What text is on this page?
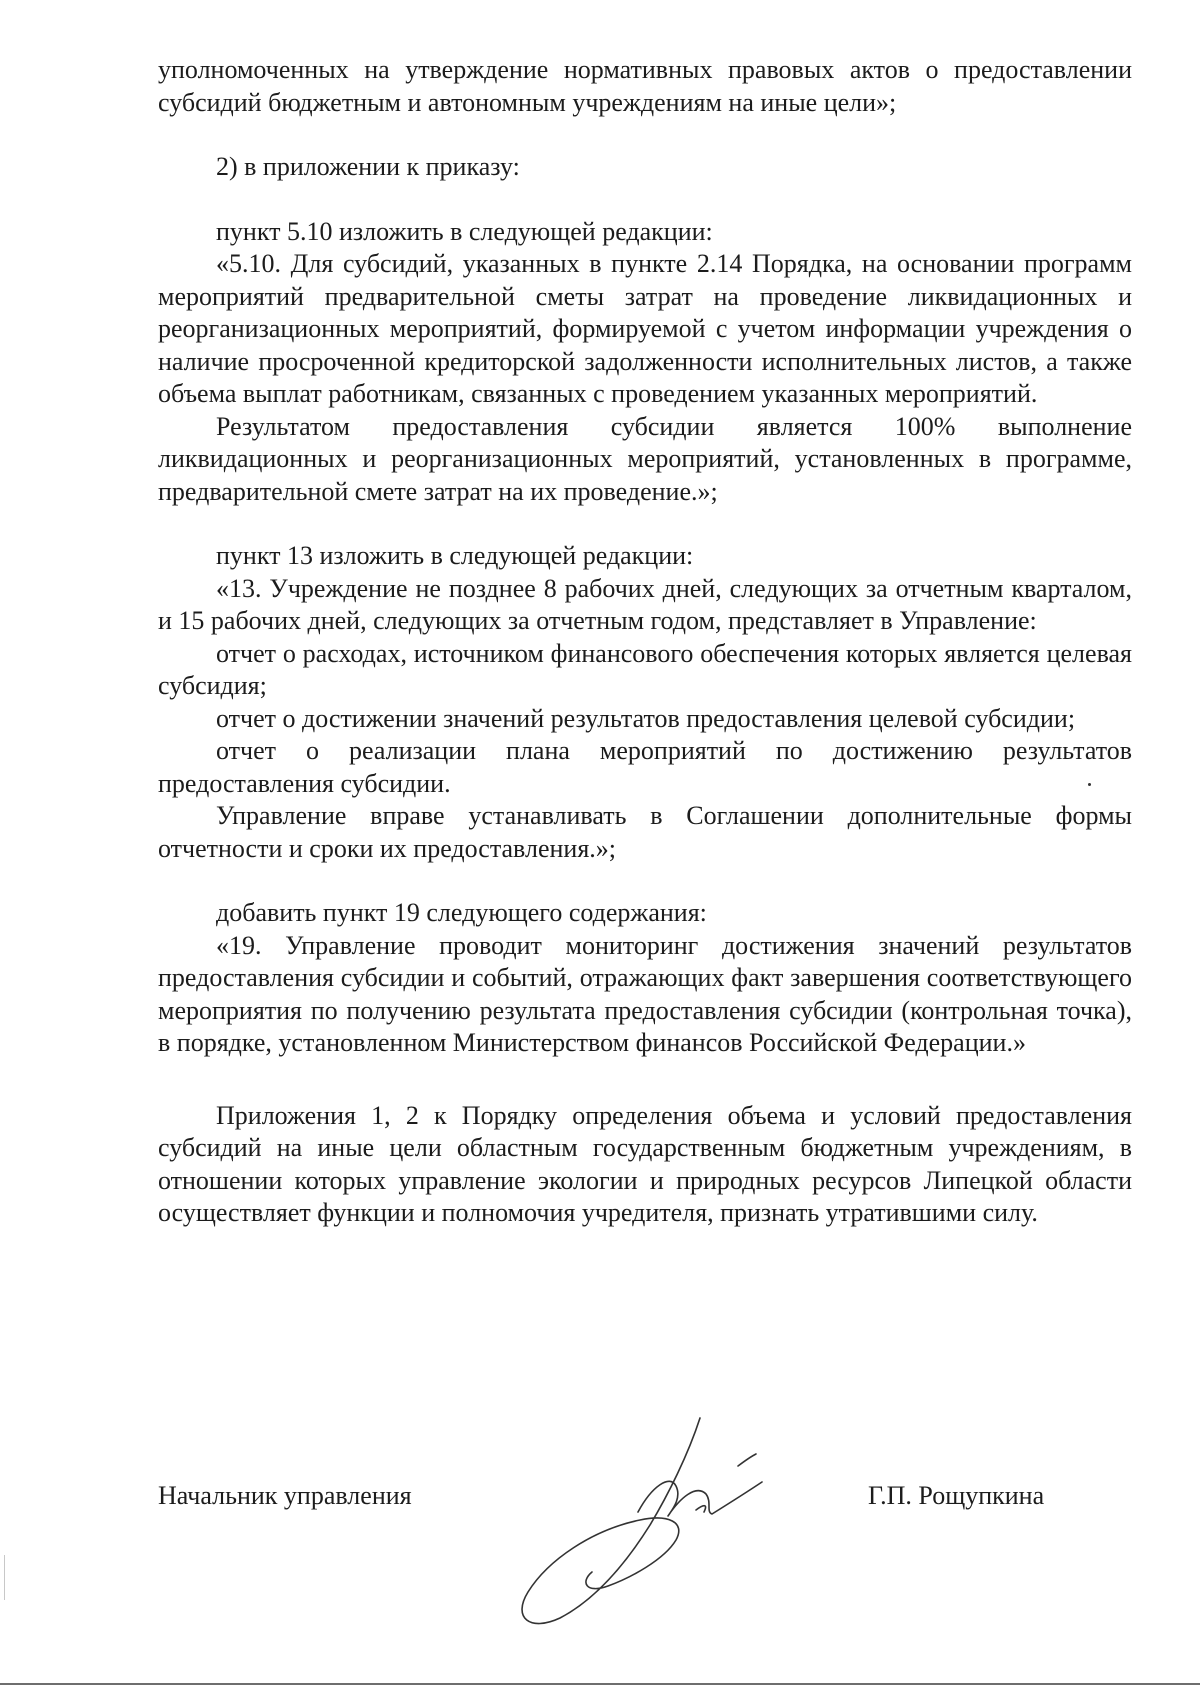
уполномоченных на утверждение нормативных правовых актов о предоставлении субсидий бюджетным и автономным учреждениям на иные цели»;

2) в приложении к приказу:

пункт 5.10 изложить в следующей редакции:

«5.10. Для субсидий, указанных в пункте 2.14 Порядка, на основании программ мероприятий предварительной сметы затрат на проведение ликвидационных и реорганизационных мероприятий, формируемой с учетом информации учреждения о наличие просроченной кредиторской задолженности исполнительных листов, а также объема выплат работникам, связанных с проведением указанных мероприятий.

Результатом предоставления субсидии является 100% выполнение ликвидационных и реорганизационных мероприятий, установленных в программе, предварительной смете затрат на их проведение.»;

пункт 13 изложить в следующей редакции:

«13. Учреждение не позднее 8 рабочих дней, следующих за отчетным кварталом, и 15 рабочих дней, следующих за отчетным годом, представляет в Управление:

отчет о расходах, источником финансового обеспечения которых является целевая субсидия;

отчет о достижении значений результатов предоставления целевой субсидии;

отчет о реализации плана мероприятий по достижению результатов предоставления субсидии.

Управление вправе устанавливать в Соглашении дополнительные формы отчетности и сроки их предоставления.»;

добавить пункт 19 следующего содержания:

«19. Управление проводит мониторинг достижения значений результатов предоставления субсидии и событий, отражающих факт завершения соответствующего мероприятия по получению результата предоставления субсидии (контрольная точка), в порядке, установленном Министерством финансов Российской Федерации.»

Приложения 1, 2 к Порядку определения объема и условий предоставления субсидий на иные цели областным государственным бюджетным учреждениям, в отношении которых управление экологии и природных ресурсов Липецкой области осуществляет функции и полномочия учредителя, признать утратившими силу.

Начальник управления	Г.П. Рощупкина
